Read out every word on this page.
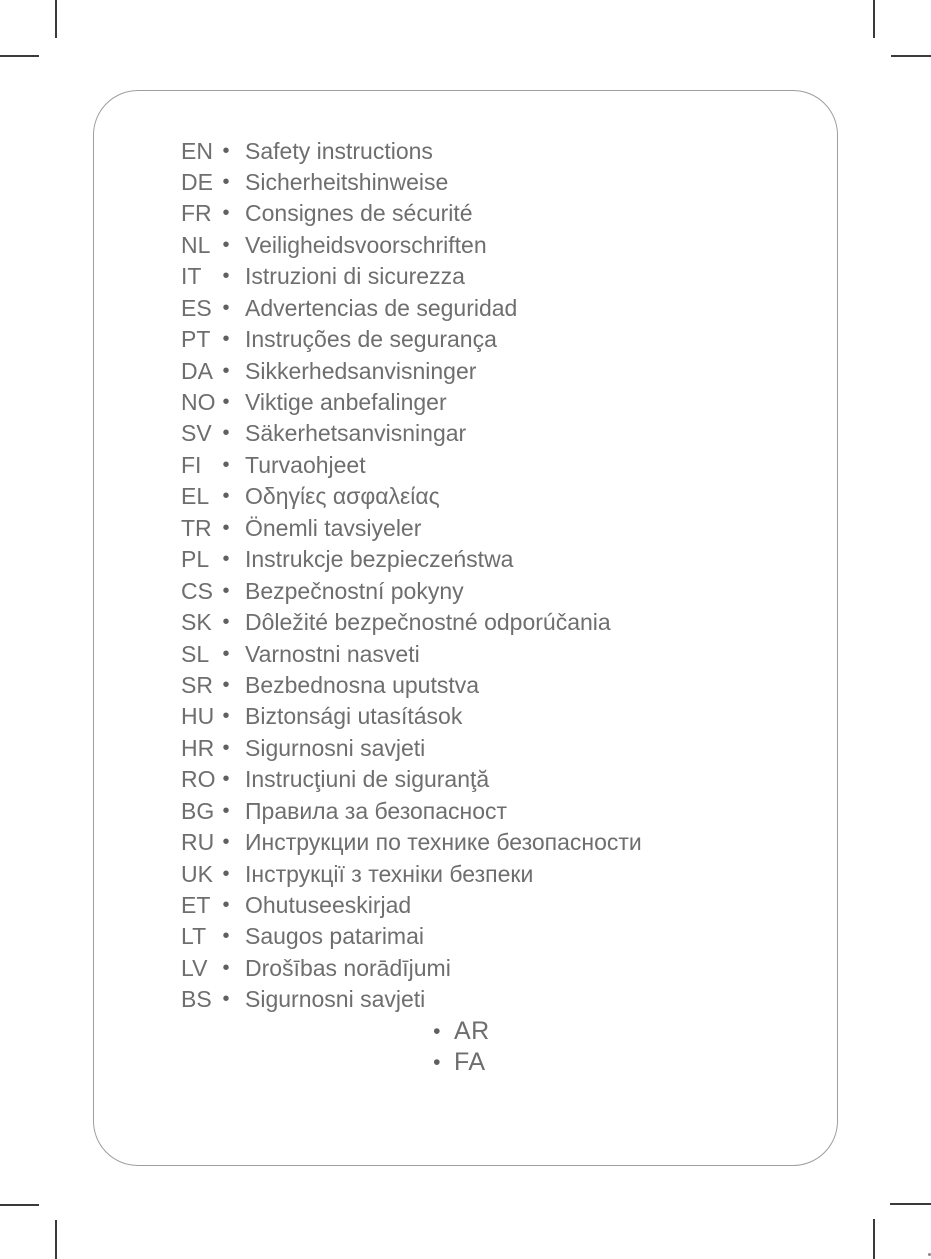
EN • Safety instructions
DE • Sicherheitshinweise
FR • Consignes de sécurité
NL • Veiligheidsvoorschriften
IT	• Istruzioni di sicurezza
ES • Advertencias de seguridad
PT • Instruções de segurança
DA • Sikkerhedsanvisninger
NO • Viktige anbefalinger
SV • Säkerhetsanvisningar
FI	• Turvaohjeet
EL • Οδηγίες ασφαλείας
TR • Önemli tavsiyeler
PL • Instrukcje bezpieczeństwa
CS • Bezpečnostní pokyny
SK • Dôležité bezpečnostné odporúčania
SL • Varnostni nasveti
SR • Bezbednosna uputstva
HU • Biztonsági utasítások
HR • Sigurnosni savjeti
RO • Instrucţiuni de siguranţă
BG • Правила за безопасност
RU • Инструкции по технике безопасности
UK • Інструкції з техніки безпеки
ET • Ohutuseeskirjad
LT • Saugos patarimai
LV • Drošības norādījumi
BS • Sigurnosni savjeti
• AR
• FA
